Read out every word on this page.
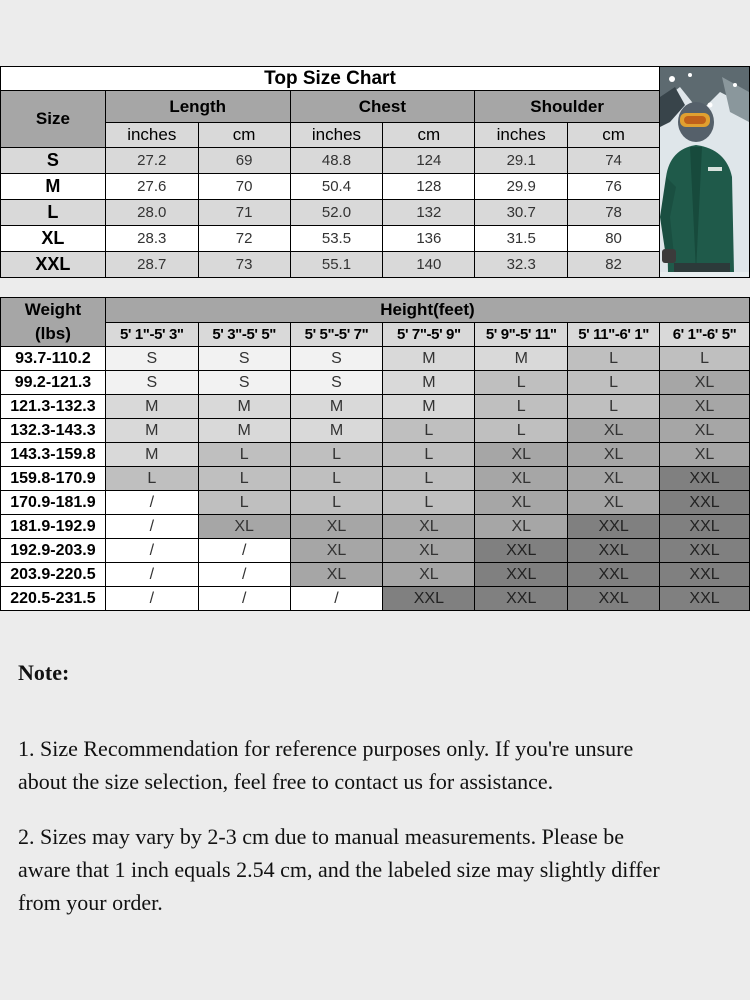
Top Size Chart	
Size	Length		Chest		Shoulder		
	inches	cm	inches	cm	inches	cm	
S	27.2	69	48.8	124	29.1	74	
M	27.6	70	50.4	128	29.9	76	
L	28.0	71	52.0	132	30.7	78	
XL	28.3	72	53.5	136	31.5	80	
XXL	28.7	73	55.1	140	32.3	82	
Weight
(lbs)	Height(feet)						
	5' 1"-5' 3"	5' 3"-5' 5"	5' 5"-5' 7"	5' 7"-5' 9"	5' 9"-5' 11"	5' 11"-6' 1"	6' 1"-6' 5"
93.7-110.2	S	S	S	M	M	L	L
99.2-121.3	S	S	S	M	L	L	XL
121.3-132.3	M	M	M	M	L	L	XL
132.3-143.3	M	M	M	L	L	XL	XL
143.3-159.8	M	L	L	L	XL	XL	XL
159.8-170.9	L	L	L	L	XL	XL	XXL
170.9-181.9	/	L	L	L	XL	XL	XXL
181.9-192.9	/	XL	XL	XL	XL	XXL	XXL
192.9-203.9	/	/	XL	XL	XXL	XXL	XXL
203.9-220.5	/	/	XL	XL	XXL	XXL	XXL
220.5-231.5	/	/	/	XXL	XXL	XXL	XXL
Note:
1. Size Recommendation for reference purposes only. If you're unsure
about the size selection, feel free to contact us for assistance.
2. Sizes may vary by 2-3 cm due to manual measurements. Please be
aware that 1 inch equals 2.54 cm, and the labeled size may slightly differ
from your order.
